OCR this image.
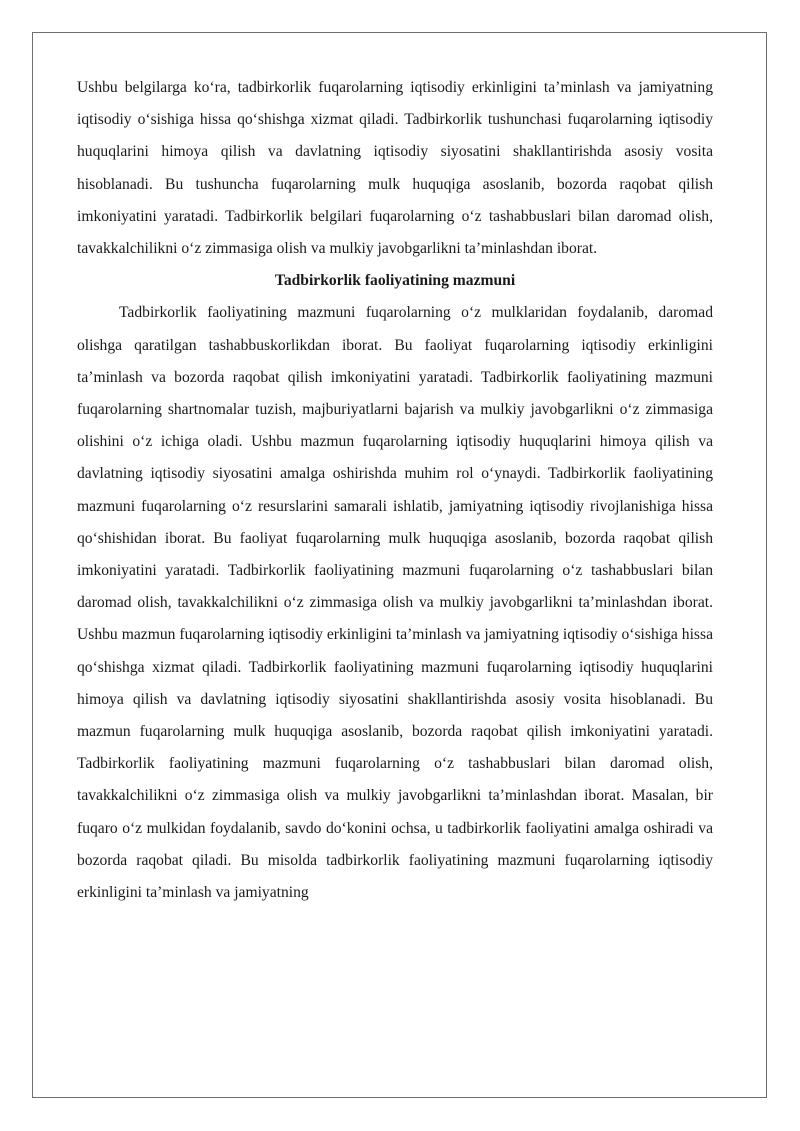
Ushbu belgilarga ko‘ra, tadbirkorlik fuqarolarning iqtisodiy erkinligini ta’minlash va jamiyatning iqtisodiy o‘sishiga hissa qo‘shishga xizmat qiladi. Tadbirkorlik tushunchasi fuqarolarning iqtisodiy huquqlarini himoya qilish va davlatning iqtisodiy siyosatini shakllantirishda asosiy vosita hisoblanadi. Bu tushuncha fuqarolarning mulk huquqiga asoslanib, bozorda raqobat qilish imkoniyatini yaratadi. Tadbirkorlik belgilari fuqarolarning o‘z tashabbuslari bilan daromad olish, tavakkalchilikni o‘z zimmasiga olish va mulkiy javobgarlikni ta’minlashdan iborat.

Tadbirkorlik faoliyatining mazmuni

Tadbirkorlik faoliyatining mazmuni fuqarolarning o‘z mulklaridan foydalanib, daromad olishga qaratilgan tashabbuskorlikdan iborat. Bu faoliyat fuqarolarning iqtisodiy erkinligini ta’minlash va bozorda raqobat qilish imkoniyatini yaratadi. Tadbirkorlik faoliyatining mazmuni fuqarolarning shartnomalar tuzish, majburiyatlarni bajarish va mulkiy javobgarlikni o‘z zimmasiga olishini o‘z ichiga oladi. Ushbu mazmun fuqarolarning iqtisodiy huquqlarini himoya qilish va davlatning iqtisodiy siyosatini amalga oshirishda muhim rol o‘ynaydi. Tadbirkorlik faoliyatining mazmuni fuqarolarning o‘z resurslarini samarali ishlatib, jamiyatning iqtisodiy rivojlanishiga hissa qo‘shishidan iborat. Bu faoliyat fuqarolarning mulk huquqiga asoslanib, bozorda raqobat qilish imkoniyatini yaratadi. Tadbirkorlik faoliyatining mazmuni fuqarolarning o‘z tashabbuslari bilan daromad olish, tavakkalchilikni o‘z zimmasiga olish va mulkiy javobgarlikni ta’minlashdan iborat. Ushbu mazmun fuqarolarning iqtisodiy erkinligini ta’minlash va jamiyatning iqtisodiy o‘sishiga hissa qo‘shishga xizmat qiladi. Tadbirkorlik faoliyatining mazmuni fuqarolarning iqtisodiy huquqlarini himoya qilish va davlatning iqtisodiy siyosatini shakllantirishda asosiy vosita hisoblanadi. Bu mazmun fuqarolarning mulk huquqiga asoslanib, bozorda raqobat qilish imkoniyatini yaratadi. Tadbirkorlik faoliyatining mazmuni fuqarolarning o‘z tashabbuslari bilan daromad olish, tavakkalchilikni o‘z zimmasiga olish va mulkiy javobgarlikni ta’minlashdan iborat. Masalan, bir fuqaro o‘z mulkidan foydalanib, savdo do‘konini ochsa, u tadbirkorlik faoliyatini amalga oshiradi va bozorda raqobat qiladi. Bu misolda tadbirkorlik faoliyatining mazmuni fuqarolarning iqtisodiy erkinligini ta’minlash va jamiyatning
